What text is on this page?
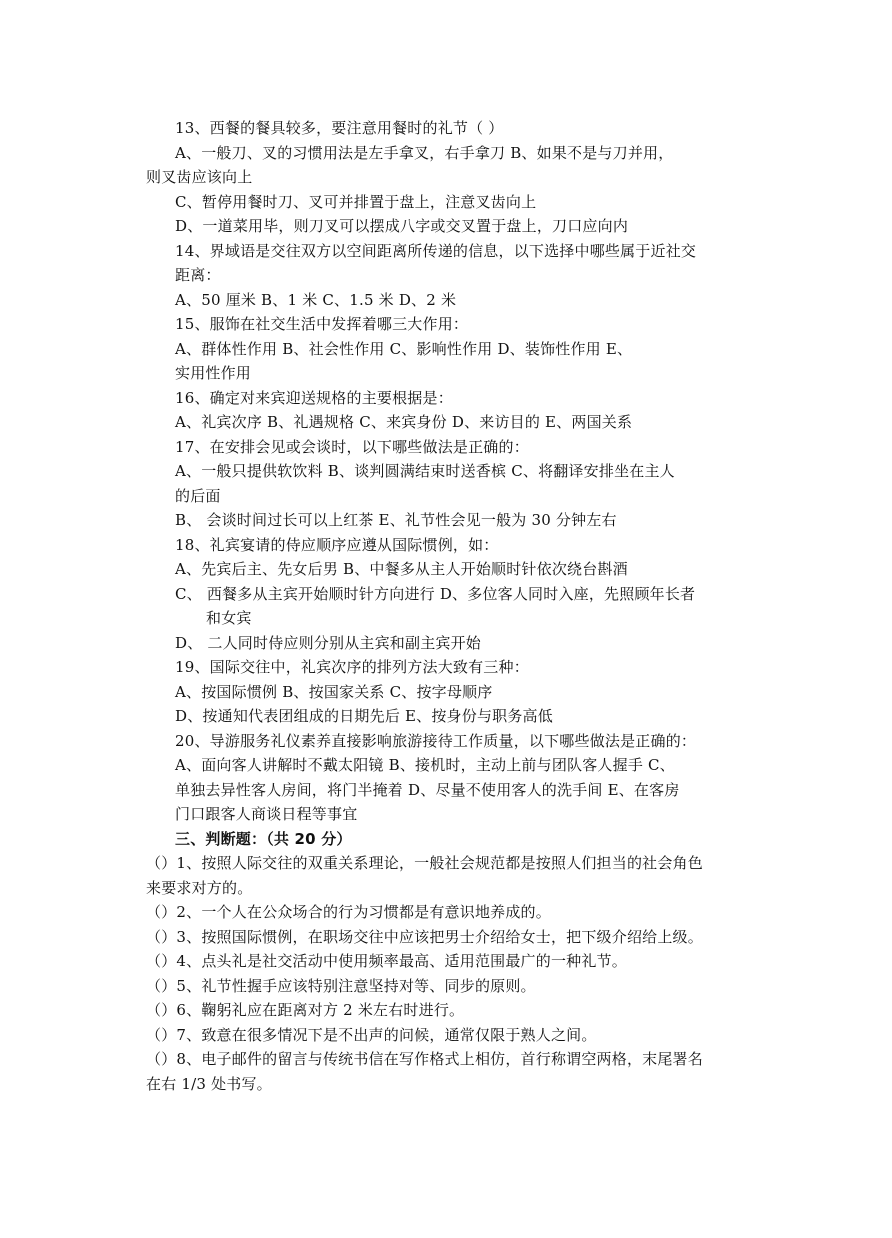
13、西餐的餐具较多，要注意用餐时的礼节（ ）
A、一般刀、叉的习惯用法是左手拿叉，右手拿刀 B、如果不是与刀并用，
则叉齿应该向上
C、暂停用餐时刀、叉可并排置于盘上，注意叉齿向上
D、一道菜用毕，则刀叉可以摆成八字或交叉置于盘上，刀口应向内
14、界域语是交往双方以空间距离所传递的信息，以下选择中哪些属于近社交
距离：
A、50 厘米 B、1 米 C、1.5 米 D、2 米
15、服饰在社交生活中发挥着哪三大作用：
A、群体性作用 B、社会性作用 C、影响性作用 D、装饰性作用 E、
实用性作用
16、确定对来宾迎送规格的主要根据是：
A、礼宾次序 B、礼遇规格 C、来宾身份 D、来访目的 E、两国关系
17、在安排会见或会谈时，以下哪些做法是正确的：
A、一般只提供软饮料 B、谈判圆满结束时送香槟 C、将翻译安排坐在主人
的后面
B、 会谈时间过长可以上红茶 E、礼节性会见一般为 30 分钟左右
18、礼宾宴请的侍应顺序应遵从国际惯例，如：
A、先宾后主、先女后男 B、中餐多从主人开始顺时针依次绕台斟酒
C、 西餐多从主宾开始顺时针方向进行 D、多位客人同时入座，先照顾年长者
和女宾
D、 二人同时侍应则分别从主宾和副主宾开始
19、国际交往中，礼宾次序的排列方法大致有三种：
A、按国际惯例 B、按国家关系 C、按字母顺序
D、按通知代表团组成的日期先后 E、按身份与职务高低
20、导游服务礼仪素养直接影响旅游接待工作质量，以下哪些做法是正确的：
A、面向客人讲解时不戴太阳镜 B、接机时，主动上前与团队客人握手 C、
单独去异性客人房间，将门半掩着 D、尽量不使用客人的洗手间 E、在客房
门口跟客人商谈日程等事宜
三、判断题：（共 20 分）
（）1、按照人际交往的双重关系理论，一般社会规范都是按照人们担当的社会角色
来要求对方的。
（）2、一个人在公众场合的行为习惯都是有意识地养成的。
（）3、按照国际惯例，在职场交往中应该把男士介绍给女士，把下级介绍给上级。
（）4、点头礼是社交活动中使用频率最高、适用范围最广的一种礼节。
（）5、礼节性握手应该特别注意坚持对等、同步的原则。
（）6、鞠躬礼应在距离对方 2 米左右时进行。
（）7、致意在很多情况下是不出声的问候，通常仅限于熟人之间。
（）8、电子邮件的留言与传统书信在写作格式上相仿，首行称谓空两格，末尾署名
在右 1/3 处书写。
